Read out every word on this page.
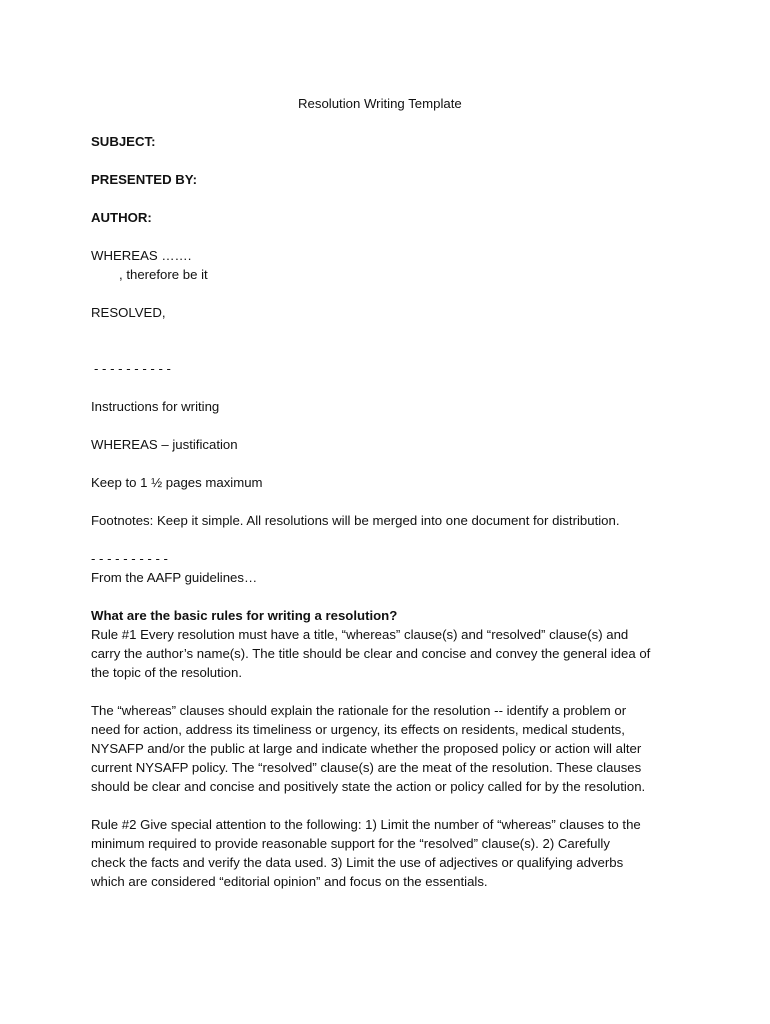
Resolution Writing Template
SUBJECT:
PRESENTED BY:
AUTHOR:
WHEREAS …….
, therefore be it
RESOLVED,
- - - - - - - - - -
Instructions for writing
WHEREAS – justification
Keep to 1 ½ pages maximum
Footnotes: Keep it simple. All resolutions will be merged into one document for distribution.
- - - - - - - - - -
From the AAFP guidelines…
What are the basic rules for writing a resolution?
Rule #1 Every resolution must have a title, “whereas” clause(s) and “resolved” clause(s) and
carry the author’s name(s). The title should be clear and concise and convey the general idea of
the topic of the resolution.
The “whereas” clauses should explain the rationale for the resolution -- identify a problem or
need for action, address its timeliness or urgency, its effects on residents, medical students,
NYSAFP and/or the public at large and indicate whether the proposed policy or action will alter
current NYSAFP policy. The “resolved” clause(s) are the meat of the resolution. These clauses
should be clear and concise and positively state the action or policy called for by the resolution.
Rule #2 Give special attention to the following: 1) Limit the number of “whereas” clauses to the
minimum required to provide reasonable support for the “resolved” clause(s). 2) Carefully
check the facts and verify the data used. 3) Limit the use of adjectives or qualifying adverbs
which are considered “editorial opinion” and focus on the essentials.
